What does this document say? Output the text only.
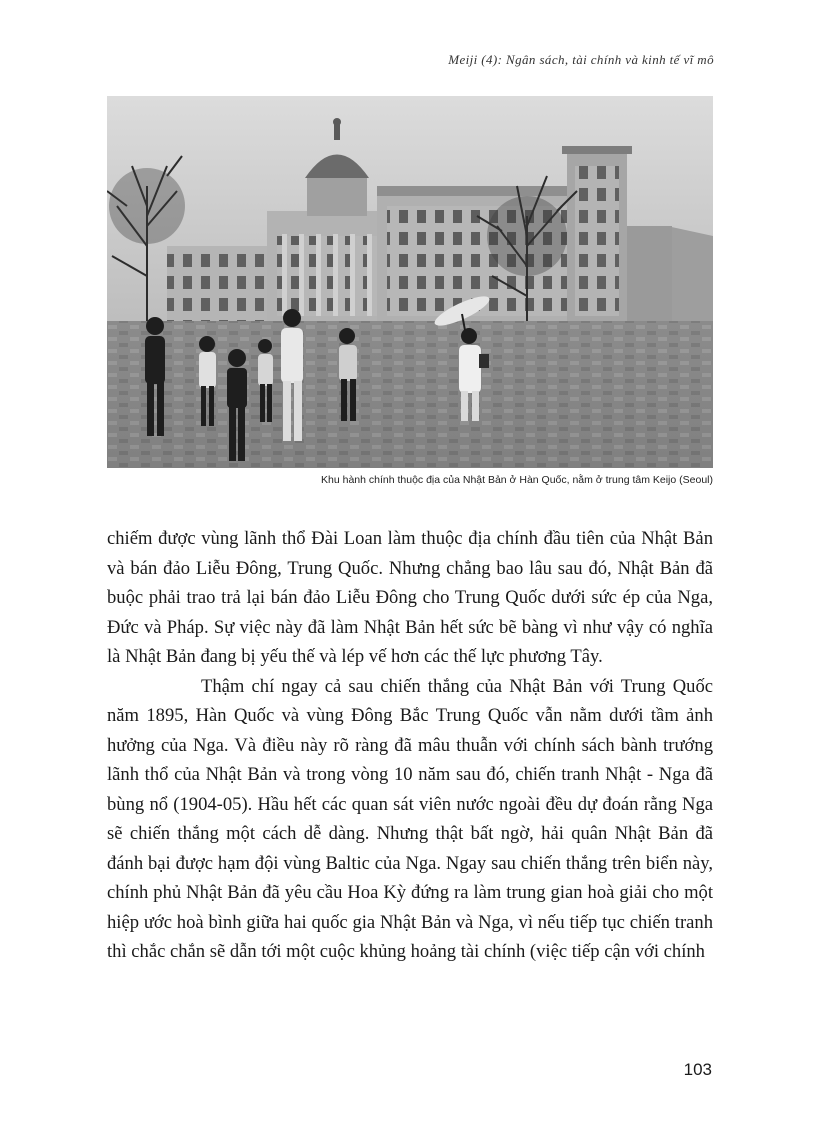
Meiji (4): Ngân sách, tài chính và kinh tế vĩ mô
Khu hành chính thuộc địa của Nhật Bản ở Hàn Quốc, nằm ở trung tâm Keijo (Seoul)

chiếm được vùng lãnh thổ Đài Loan làm thuộc địa chính đầu tiên của Nhật Bản và bán đảo Liễu Đông, Trung Quốc. Nhưng chẳng bao lâu sau đó, Nhật Bản đã buộc phải trao trả lại bán đảo Liễu Đông cho Trung Quốc dưới sức ép của Nga, Đức và Pháp. Sự việc này đã làm Nhật Bản hết sức bẽ bàng vì như vậy có nghĩa là Nhật Bản đang bị yếu thế và lép vế hơn các thế lực phương Tây.

Thậm chí ngay cả sau chiến thắng của Nhật Bản với Trung Quốc năm 1895, Hàn Quốc và vùng Đông Bắc Trung Quốc vẫn nằm dưới tầm ảnh hưởng của Nga. Và điều này rõ ràng đã mâu thuẫn với chính sách bành trướng lãnh thổ của Nhật Bản và trong vòng 10 năm sau đó, chiến tranh Nhật - Nga đã bùng nổ (1904-05). Hầu hết các quan sát viên nước ngoài đều dự đoán rằng Nga sẽ chiến thắng một cách dễ dàng. Nhưng thật bất ngờ, hải quân Nhật Bản đã đánh bại được hạm đội vùng Baltic của Nga. Ngay sau chiến thắng trên biển này, chính phủ Nhật Bản đã yêu cầu Hoa Kỳ đứng ra làm trung gian hoà giải cho một hiệp ước hoà bình giữa hai quốc gia Nhật Bản và Nga, vì nếu tiếp tục chiến tranh thì chắc chắn sẽ dẫn tới một cuộc khủng hoảng tài chính (việc tiếp cận với chính

103
